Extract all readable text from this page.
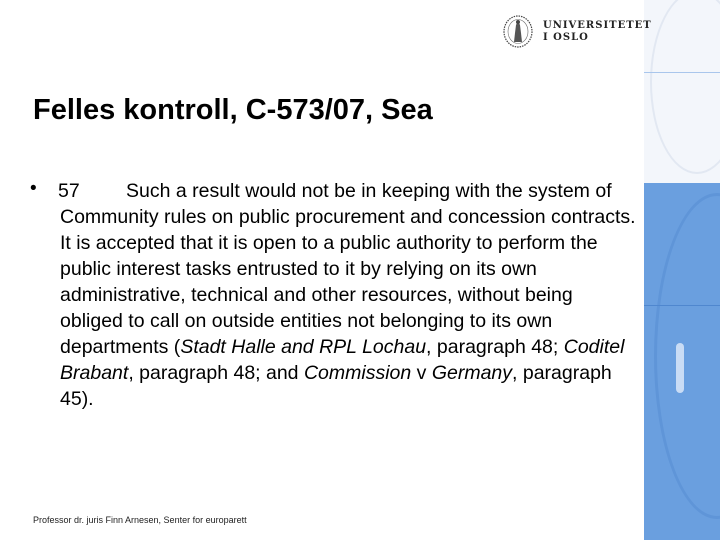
UNIVERSITETET
I OSLO
Felles kontroll, C-573/07, Sea
• 57 Such a result would not be in keeping with the system of Community rules on public procurement and concession contracts. It is accepted that it is open to a public authority to perform the public interest tasks entrusted to it by relying on its own administrative, technical and other resources, without being obliged to call on outside entities not belonging to its own departments (Stadt Halle and RPL Lochau, paragraph 48; Coditel Brabant, paragraph 48; and Commission v Germany, paragraph 45).
Professor dr. juris Finn Arnesen, Senter for europarett
